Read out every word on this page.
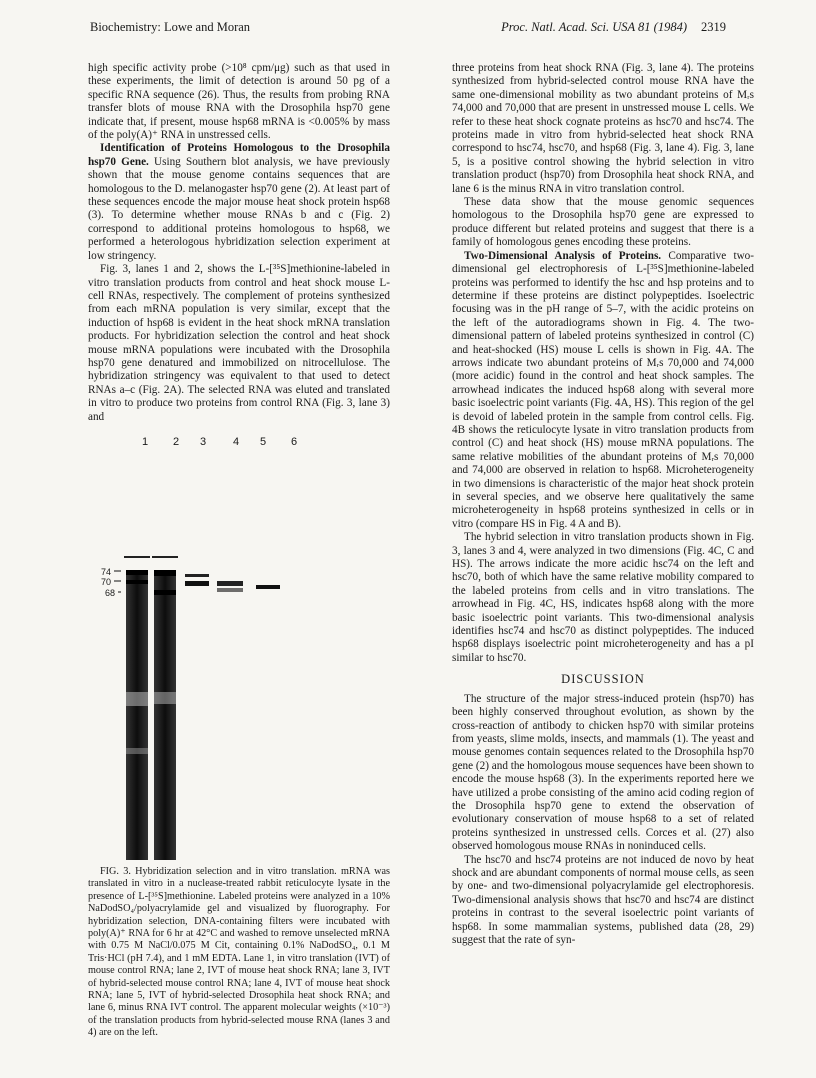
Biochemistry: Lowe and Moran	Proc. Natl. Acad. Sci. USA 81 (1984) 2319

high specific activity probe (>10⁸ cpm/μg) such as that used in these experiments, the limit of detection is around 50 pg of a specific RNA sequence (26). Thus, the results from probing RNA transfer blots of mouse RNA with the Drosophila hsp70 gene indicate that, if present, mouse hsp68 mRNA is <0.005% by mass of the poly(A)⁺ RNA in unstressed cells.

Identification of Proteins Homologous to the Drosophila hsp70 Gene. Using Southern blot analysis, we have previously shown that the mouse genome contains sequences that are homologous to the D. melanogaster hsp70 gene (2). At least part of these sequences encode the major mouse heat shock protein hsp68 (3). To determine whether mouse RNAs b and c (Fig. 2) correspond to additional proteins homologous to hsp68, we performed a heterologous hybridization selection experiment at low stringency.

Fig. 3, lanes 1 and 2, shows the L-[³⁵S]methionine-labeled in vitro translation products from control and heat shock mouse L-cell RNAs, respectively. The complement of proteins synthesized from each mRNA population is very similar, except that the induction of hsp68 is evident in the heat shock mRNA translation products. For hybridization selection the control and heat shock mouse mRNA populations were incubated with the Drosophila hsp70 gene denatured and immobilized on nitrocellulose. The hybridization stringency was equivalent to that used to detect RNAs a–c (Fig. 2A). The selected RNA was eluted and translated in vitro to produce two proteins from control RNA (Fig. 3, lane 3) and

1 2 3 4 5 6
74
70
68

FIG. 3. Hybridization selection and in vitro translation. mRNA was translated in vitro in a nuclease-treated rabbit reticulocyte lysate in the presence of L-[³⁵S]methionine. Labeled proteins were analyzed in a 10% NaDodSO₄/polyacrylamide gel and visualized by fluorography. For hybridization selection, DNA-containing filters were incubated with poly(A)⁺ RNA for 6 hr at 42°C and washed to remove unselected mRNA with 0.75 M NaCl/0.075 M Cit, containing 0.1% NaDodSO₄, 0.1 M Tris·HCl (pH 7.4), and 1 mM EDTA. Lane 1, in vitro translation (IVT) of mouse control RNA; lane 2, IVT of mouse heat shock RNA; lane 3, IVT of hybrid-selected mouse control RNA; lane 4, IVT of mouse heat shock RNA; lane 5, IVT of hybrid-selected Drosophila heat shock RNA; and lane 6, minus RNA IVT control. The apparent molecular weights (×10⁻³) of the translation products from hybrid-selected mouse RNA (lanes 3 and 4) are on the left.

three proteins from heat shock RNA (Fig. 3, lane 4). The proteins synthesized from hybrid-selected control mouse RNA have the same one-dimensional mobility as two abundant proteins of Mᵣs 74,000 and 70,000 that are present in unstressed mouse L cells. We refer to these heat shock cognate proteins as hsc70 and hsc74. The proteins made in vitro from hybrid-selected heat shock RNA correspond to hsc74, hsc70, and hsp68 (Fig. 3, lane 4). Fig. 3, lane 5, is a positive control showing the hybrid selection in vitro translation product (hsp70) from Drosophila heat shock RNA, and lane 6 is the minus RNA in vitro translation control.

These data show that the mouse genomic sequences homologous to the Drosophila hsp70 gene are expressed to produce different but related proteins and suggest that there is a family of homologous genes encoding these proteins.

Two-Dimensional Analysis of Proteins. Comparative two-dimensional gel electrophoresis of L-[³⁵S]methionine-labeled proteins was performed to identify the hsc and hsp proteins and to determine if these proteins are distinct polypeptides. Isoelectric focusing was in the pH range of 5–7, with the acidic proteins on the left of the autoradiograms shown in Fig. 4. The two-dimensional pattern of labeled proteins synthesized in control (C) and heat-shocked (HS) mouse L cells is shown in Fig. 4A. The arrows indicate two abundant proteins of Mᵣs 70,000 and 74,000 (more acidic) found in the control and heat shock samples. The arrowhead indicates the induced hsp68 along with several more basic isoelectric point variants (Fig. 4A, HS). This region of the gel is devoid of labeled protein in the sample from control cells. Fig. 4B shows the reticulocyte lysate in vitro translation products from control (C) and heat shock (HS) mouse mRNA populations. The same relative mobilities of the abundant proteins of Mᵣs 70,000 and 74,000 are observed in relation to hsp68. Microheterogeneity in two dimensions is characteristic of the major heat shock protein in several species, and we observe here qualitatively the same microheterogeneity in hsp68 proteins synthesized in cells or in vitro (compare HS in Fig. 4 A and B).

The hybrid selection in vitro translation products shown in Fig. 3, lanes 3 and 4, were analyzed in two dimensions (Fig. 4C, C and HS). The arrows indicate the more acidic hsc74 on the left and hsc70, both of which have the same relative mobility compared to the labeled proteins from cells and in vitro translations. The arrowhead in Fig. 4C, HS, indicates hsp68 along with the more basic isoelectric point variants. This two-dimensional analysis identifies hsc74 and hsc70 as distinct polypeptides. The induced hsp68 displays isoelectric point microheterogeneity and has a pI similar to hsc70.

DISCUSSION

The structure of the major stress-induced protein (hsp70) has been highly conserved throughout evolution, as shown by the cross-reaction of antibody to chicken hsp70 with similar proteins from yeasts, slime molds, insects, and mammals (1). The yeast and mouse genomes contain sequences related to the Drosophila hsp70 gene (2) and the homologous mouse sequences have been shown to encode the mouse hsp68 (3). In the experiments reported here we have utilized a probe consisting of the amino acid coding region of the Drosophila hsp70 gene to extend the observation of evolutionary conservation of mouse hsp68 to a set of related proteins synthesized in unstressed cells. Corces et al. (27) also observed homologous mouse RNAs in noninduced cells.

The hsc70 and hsc74 proteins are not induced de novo by heat shock and are abundant components of normal mouse cells, as seen by one- and two-dimensional polyacrylamide gel electrophoresis. Two-dimensional analysis shows that hsc70 and hsc74 are distinct proteins in contrast to the several isoelectric point variants of hsp68. In some mammalian systems, published data (28, 29) suggest that the rate of syn-
